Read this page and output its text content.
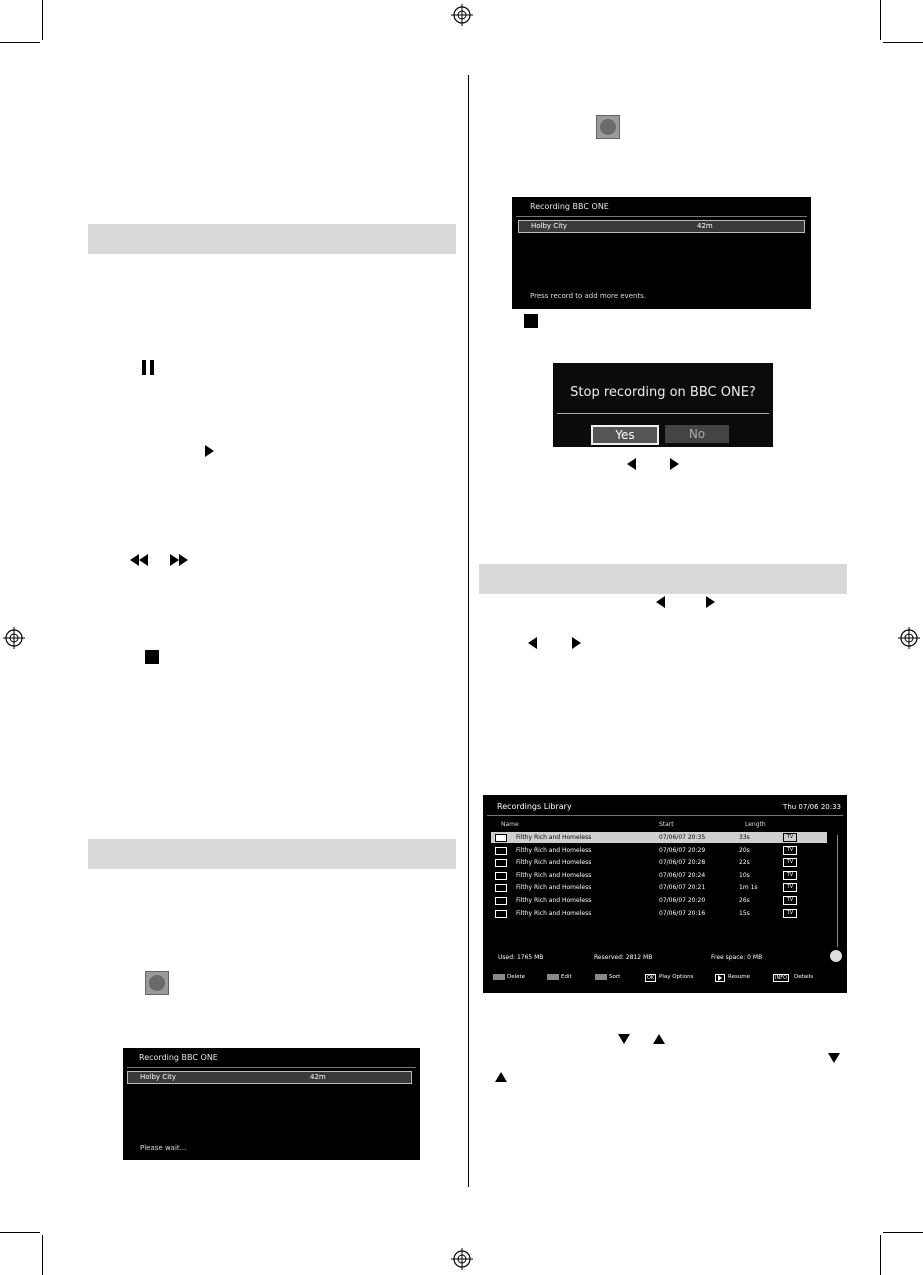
Recording BBC ONE
Holby City	42m
Please wait...
Recording BBC ONE
Holby City	42m
Press record to add more events.
Stop recording on BBC ONE?
Yes	No
Recordings Library	Thu 07/06 20:33
Name	Start	Length
Filthy Rich and Homeless	07/06/07 20:35	33s	TV
Filthy Rich and Homeless	07/06/07 20:29	20s	TV
Filthy Rich and Homeless	07/06/07 20:28	22s	TV
Filthy Rich and Homeless	07/06/07 20:24	10s	TV
Filthy Rich and Homeless	07/06/07 20:21	1m 1s	TV
Filthy Rich and Homeless	07/06/07 20:20	26s	TV
Filthy Rich and Homeless	07/06/07 20:16	15s	TV
Used: 1765 MB	Reserved: 2812 MB	Free space: 0 MB
Delete	Edit	Sort	OK Play Options	Resume	INFO	Details
